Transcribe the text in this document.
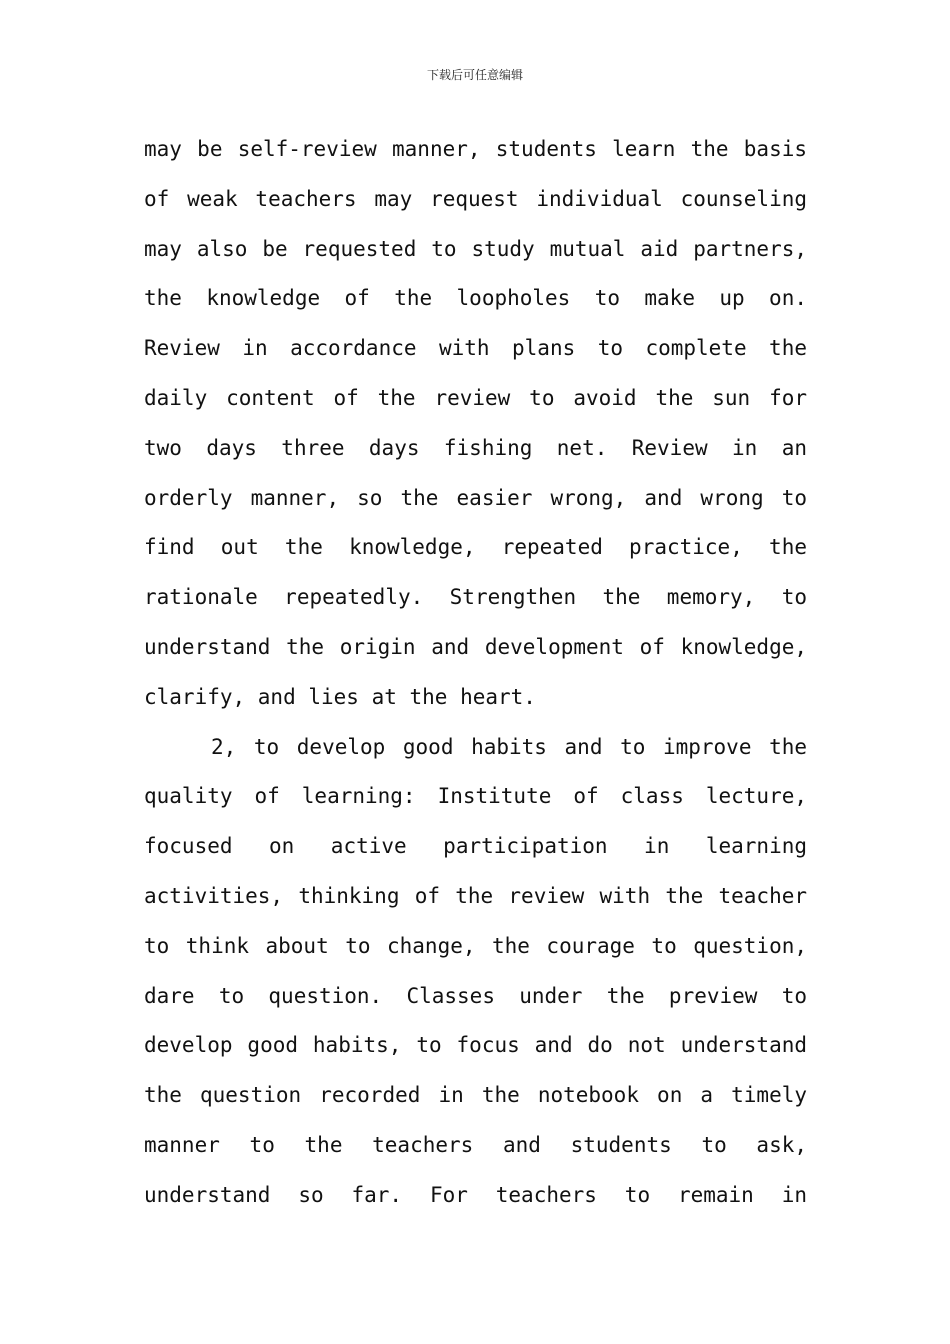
下载后可任意编辑
may be self-review manner, students learn the basis
of weak teachers may request individual counseling
may also be requested to study mutual aid partners,
the knowledge of the loopholes to make up on.
Review in accordance with plans to complete the
daily content of the review to avoid the sun for
two days three days fishing net. Review in an
orderly manner, so the easier wrong, and wrong to
find out the knowledge, repeated practice, the
rationale repeatedly. Strengthen the memory, to
understand the origin and development of knowledge,
clarify, and lies at the heart.
2, to develop good habits and to improve the
quality of learning: Institute of class lecture,
focused on active participation in learning
activities, thinking of the review with the teacher
to think about to change, the courage to question,
dare to question. Classes under the preview to
develop good habits, to focus and do not understand
the question recorded in the notebook on a timely
manner to the teachers and students to ask,
understand so far. For teachers to remain in
